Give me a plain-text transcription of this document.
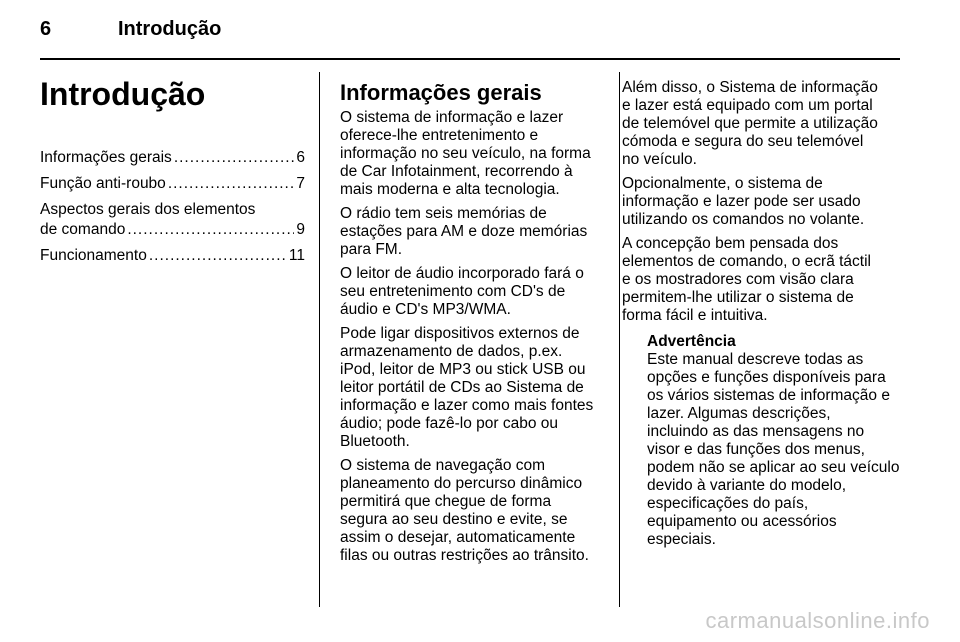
6	Introdução
Introdução
Informações gerais .....	6
Função anti-roubo .....	7
Aspectos gerais dos elementos
de comando .....	9
Funcionamento .....	11
Informações gerais

O sistema de informação e lazer
oferece-lhe entretenimento e
informação no seu veículo, na forma
de Car Infotainment, recorrendo à
mais moderna e alta tecnologia.

O rádio tem seis memórias de
estações para AM e doze memórias
para FM.

O leitor de áudio incorporado fará o
seu entretenimento com CD's de
áudio e CD's MP3/WMA.

Pode ligar dispositivos externos de
armazenamento de dados, p.ex.
iPod, leitor de MP3 ou stick USB ou
leitor portátil de CDs ao Sistema de
informação e lazer como mais fontes
áudio; pode fazê-lo por cabo ou
Bluetooth.

O sistema de navegação com
planeamento do percurso dinâmico
permitirá que chegue de forma
segura ao seu destino e evite, se
assim o desejar, automaticamente
filas ou outras restrições ao trânsito.

Além disso, o Sistema de informação
e lazer está equipado com um portal
de telemóvel que permite a utilização
cómoda e segura do seu telemóvel
no veículo.

Opcionalmente, o sistema de
informação e lazer pode ser usado
utilizando os comandos no volante.

A concepção bem pensada dos
elementos de comando, o ecrã táctil
e os mostradores com visão clara
permitem-lhe utilizar o sistema de
forma fácil e intuitiva.

Advertência

Este manual descreve todas as
opções e funções disponíveis para
os vários sistemas de informação e
lazer. Algumas descrições,
incluindo as das mensagens no
visor e das funções dos menus,
podem não se aplicar ao seu veículo
devido à variante do modelo,
especificações do país,
equipamento ou acessórios
especiais.

carmanualsonline.info
